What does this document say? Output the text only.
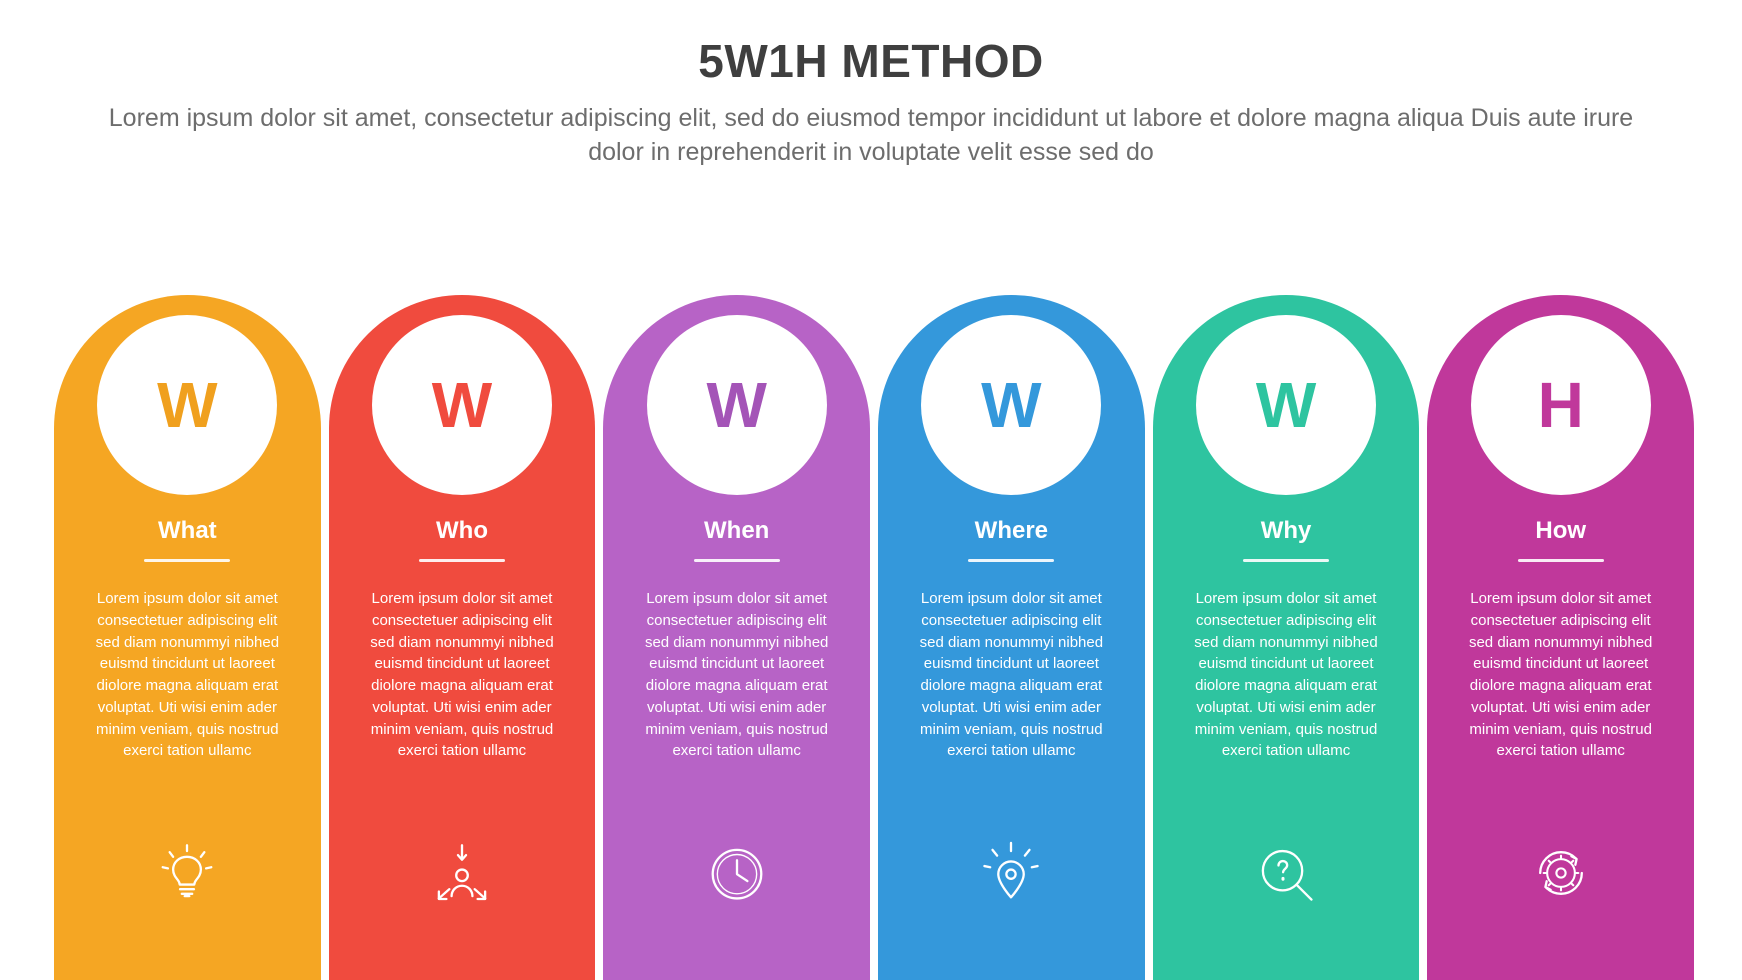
5W1H METHOD

Lorem ipsum dolor sit amet, consectetur adipiscing elit, sed do eiusmod tempor incididunt ut labore et dolore magna aliqua Duis aute irure dolor in reprehenderit in voluptate velit esse sed do

W
What
Lorem ipsum dolor sit amet consectetuer adipiscing elit sed diam nonummyi nibhed euismd tincidunt ut laoreet diolore magna aliquam erat voluptat. Uti wisi enim ader minim veniam, quis nostrud exerci tation ullamc
W
Who
Lorem ipsum dolor sit amet consectetuer adipiscing elit sed diam nonummyi nibhed euismd tincidunt ut laoreet diolore magna aliquam erat voluptat. Uti wisi enim ader minim veniam, quis nostrud exerci tation ullamc
W
When
Lorem ipsum dolor sit amet consectetuer adipiscing elit sed diam nonummyi nibhed euismd tincidunt ut laoreet diolore magna aliquam erat voluptat. Uti wisi enim ader minim veniam, quis nostrud exerci tation ullamc
W
Where
Lorem ipsum dolor sit amet consectetuer adipiscing elit sed diam nonummyi nibhed euismd tincidunt ut laoreet diolore magna aliquam erat voluptat. Uti wisi enim ader minim veniam, quis nostrud exerci tation ullamc
W
Why
Lorem ipsum dolor sit amet consectetuer adipiscing elit sed diam nonummyi nibhed euismd tincidunt ut laoreet diolore magna aliquam erat voluptat. Uti wisi enim ader minim veniam, quis nostrud exerci tation ullamc
H
How
Lorem ipsum dolor sit amet consectetuer adipiscing elit sed diam nonummyi nibhed euismd tincidunt ut laoreet diolore magna aliquam erat voluptat. Uti wisi enim ader minim veniam, quis nostrud exerci tation ullamc
